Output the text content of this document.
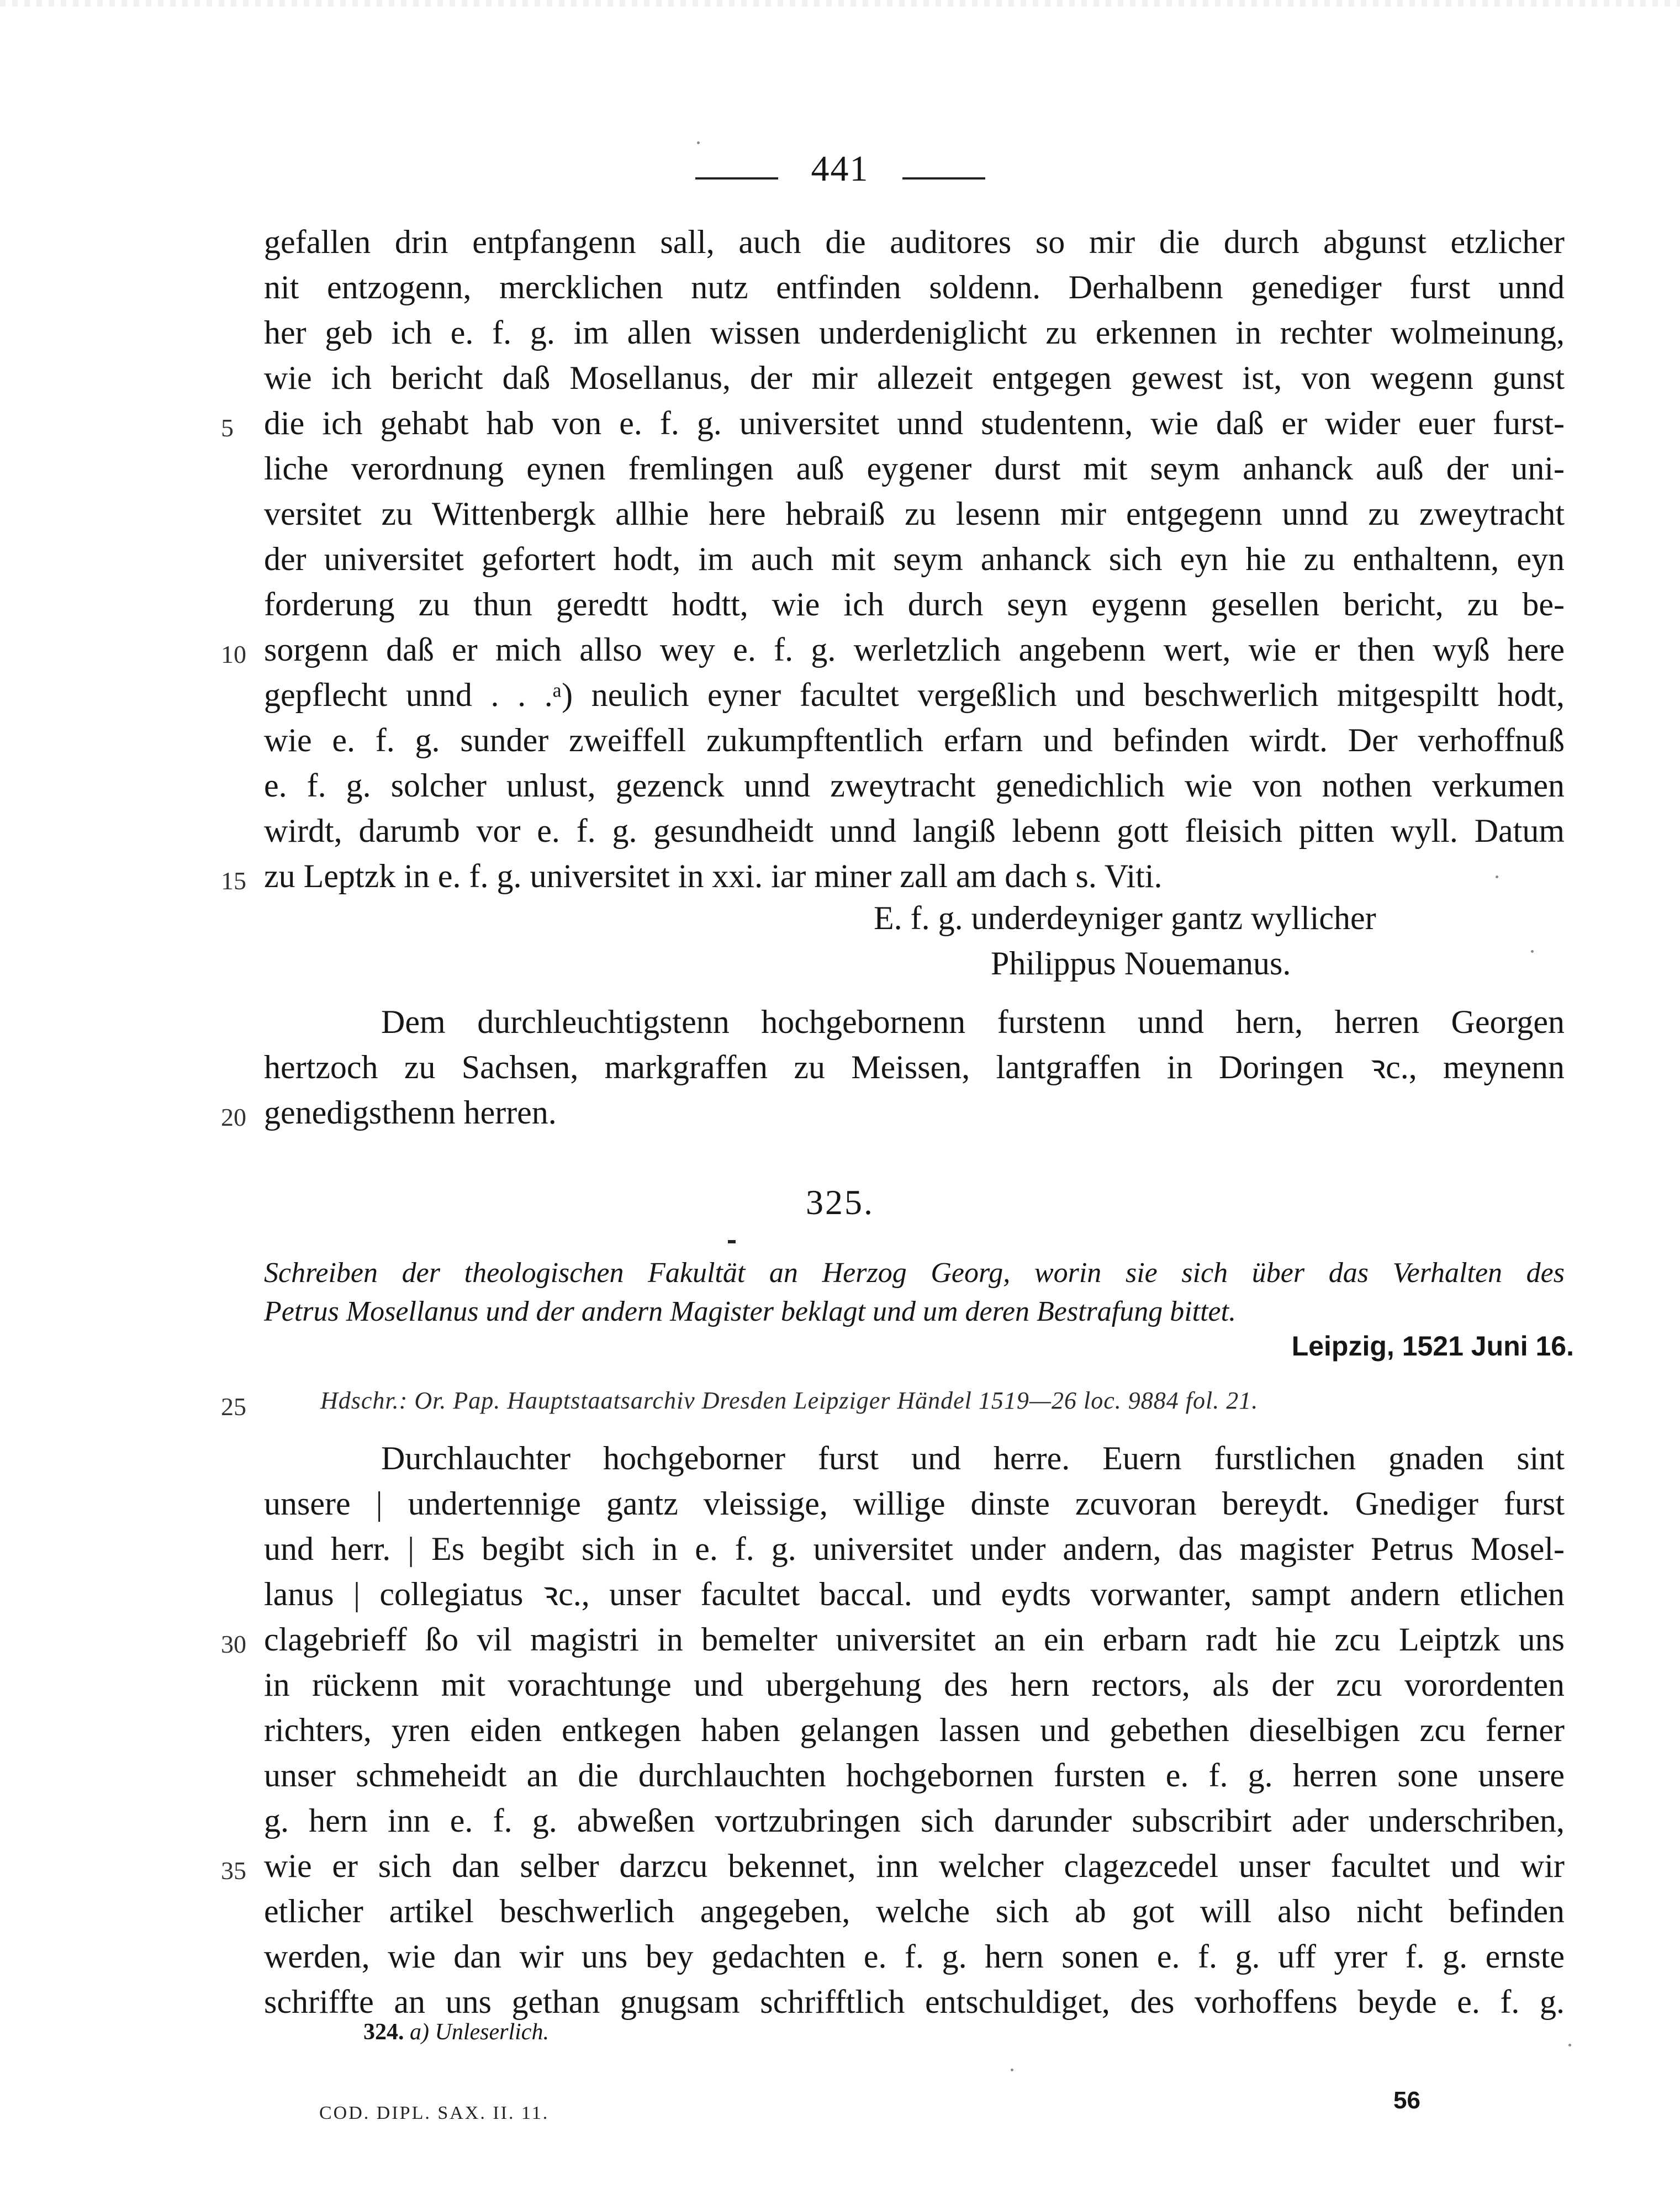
441
gefallen drin entpfangenn sall, auch die auditores so mir die durch abgunst etzlicher
nit entzogenn, mercklichen nutz entfinden soldenn. Derhalbenn genediger furst unnd
her geb ich e. f. g. im allen wissen underdeniglicht zu erkennen in rechter wolmeinung,
wie ich bericht daß Mosellanus, der mir allezeit entgegen gewest ist, von wegenn gunst
die ich gehabt hab von e. f. g. universitet unnd studentenn, wie daß er wider euer furst-
liche verordnung eynen fremlingen auß eygener durst mit seym anhanck auß der uni-
versitet zu Wittenbergk allhie here hebraiß zu lesenn mir entgegenn unnd zu zweytracht
der universitet gefortert hodt, im auch mit seym anhanck sich eyn hie zu enthaltenn, eyn
forderung zu thun geredtt hodtt, wie ich durch seyn eygenn gesellen bericht, zu be-
sorgenn daß er mich allso wey e. f. g. werletzlich angebenn wert, wie er then wyß here
gepflecht unnd . . .ᵃ) neulich eyner facultet vergeßlich und beschwerlich mitgespiltt hodt,
wie e. f. g. sunder zweiffell zukumpftentlich erfarn und befinden wirdt. Der verhoffnuß
e. f. g. solcher unlust, gezenck unnd zweytracht genedichlich wie von nothen verkumen
wirdt, darumb vor e. f. g. gesundheidt unnd langiß lebenn gott fleisich pitten wyll. Datum
zu Leptzk in e. f. g. universitet in xxi. iar miner zall am dach s. Viti.
E. f. g. underdeyniger gantz wyllicher
Philippus Nouemanus.
Dem durchleuchtigstenn hochgebornenn furstenn unnd hern, herren Georgen
hertzoch zu Sachsen, markgraffen zu Meissen, lantgraffen in Doringen ꝛc., meynenn
genedigsthenn herren.
5
10
15
20
25
30
35
325.
Schreiben der theologischen Fakultät an Herzog Georg, worin sie sich über das Verhalten des
Petrus Mosellanus und der andern Magister beklagt und um deren Bestrafung bittet.
Leipzig, 1521 Juni 16.
Hdschr.: Or. Pap. Hauptstaatsarchiv Dresden Leipziger Händel 1519—26 loc. 9884 fol. 21.
Durchlauchter hochgeborner furst und herre. Euern furstlichen gnaden sint
unsere | undertennige gantz vleissige, willige dinste zcuvoran bereydt. Gnediger furst
und herr. | Es begibt sich in e. f. g. universitet under andern, das magister Petrus Mosel-
lanus | collegiatus ꝛc., unser facultet baccal. und eydts vorwanter, sampt andern etlichen
clagebrieff ßo vil magistri in bemelter universitet an ein erbarn radt hie zcu Leiptzk uns
in rückenn mit vorachtunge und ubergehung des hern rectors, als der zcu vorordenten
richters, yren eiden entkegen haben gelangen lassen und gebethen dieselbigen zcu ferner
unser schmeheidt an die durchlauchten hochgebornen fursten e. f. g. herren sone unsere
g. hern inn e. f. g. abweßen vortzubringen sich darunder subscribirt ader underschriben,
wie er sich dan selber darzcu bekennet, inn welcher clagezcedel unser facultet und wir
etlicher artikel beschwerlich angegeben, welche sich ab got will also nicht befinden
werden, wie dan wir uns bey gedachten e. f. g. hern sonen e. f. g. uff yrer f. g. ernste
schriffte an uns gethan gnugsam schrifftlich entschuldiget, des vorhoffens beyde e. f. g.
324. a) Unleserlich.
COD. DIPL. SAX. II. 11.	56
